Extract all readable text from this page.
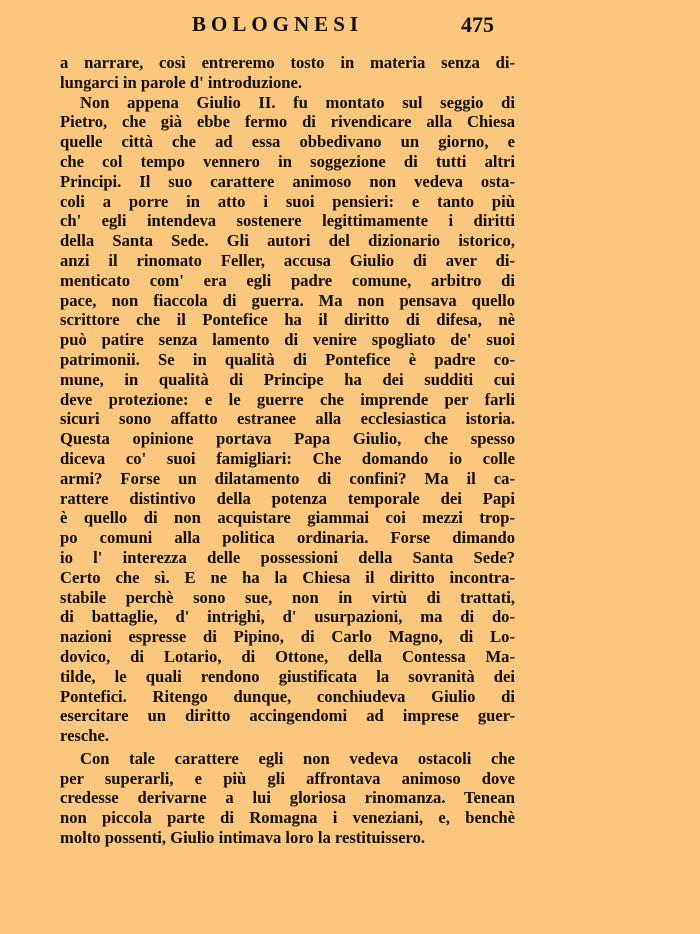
BOLOGNESI	475
a narrare, così entreremo tosto in materia senza di-
lungarci in parole d' introduzione.
Non appena Giulio II. fu montato sul seggio di
Pietro, che già ebbe fermo di rivendicare alla Chiesa
quelle città che ad essa obbedivano un giorno, e
che col tempo vennero in soggezione di tutti altri
Principi. Il suo carattere animoso non vedeva osta-
coli a porre in atto i suoi pensieri: e tanto più
ch' egli intendeva sostenere legittimamente i diritti
della Santa Sede. Gli autori del dizionario istorico,
anzi il rinomato Feller, accusa Giulio di aver di-
menticato com' era egli padre comune, arbitro di
pace, non fiaccola di guerra. Ma non pensava quello
scrittore che il Pontefice ha il diritto di difesa, nè
può patire senza lamento di venire spogliato de' suoi
patrimonii. Se in qualità di Pontefice è padre co-
mune, in qualità di Principe ha dei sudditi cui
deve protezione: e le guerre che imprende per farli
sicuri sono affatto estranee alla ecclesiastica istoria.
Questa opinione portava Papa Giulio, che spesso
diceva co' suoi famigliari: Che domando io colle
armi? Forse un dilatamento di confini? Ma il ca-
rattere distintivo della potenza temporale dei Papi
è quello di non acquistare giammai coi mezzi trop-
po comuni alla politica ordinaria. Forse dimando
io l' interezza delle possessioni della Santa Sede?
Certo che sì. E ne ha la Chiesa il diritto incontra-
stabile perchè sono sue, non in virtù di trattati,
di battaglie, d' intrighi, d' usurpazioni, ma di do-
nazioni espresse di Pipino, di Carlo Magno, di Lo-
dovico, di Lotario, di Ottone, della Contessa Ma-
tilde, le quali rendono giustificata la sovranità dei
Pontefici. Ritengo dunque, conchiudeva Giulio di
esercitare un diritto accingendomi ad imprese guer-
resche.
Con tale carattere egli non vedeva ostacoli che
per superarli, e più gli affrontava animoso dove
credesse derivarne a lui gloriosa rinomanza. Tenean
non piccola parte di Romagna i veneziani, e, benchè
molto possenti, Giulio intimava loro la restituissero.
